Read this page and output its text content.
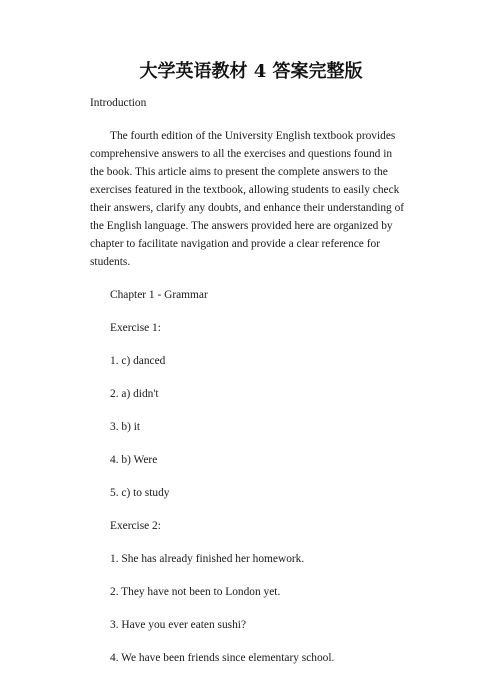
大学英语教材 4 答案完整版

Introduction

The fourth edition of the University English textbook provides comprehensive answers to all the exercises and questions found in the book. This article aims to present the complete answers to the exercises featured in the textbook, allowing students to easily check their answers, clarify any doubts, and enhance their understanding of the English language. The answers provided here are organized by chapter to facilitate navigation and provide a clear reference for students.

Chapter 1 - Grammar

Exercise 1:

1. c) danced

2. a) didn't

3. b) it

4. b) Were

5. c) to study

Exercise 2:

1. She has already finished her homework.

2. They have not been to London yet.

3. Have you ever eaten sushi?

4. We have been friends since elementary school.
